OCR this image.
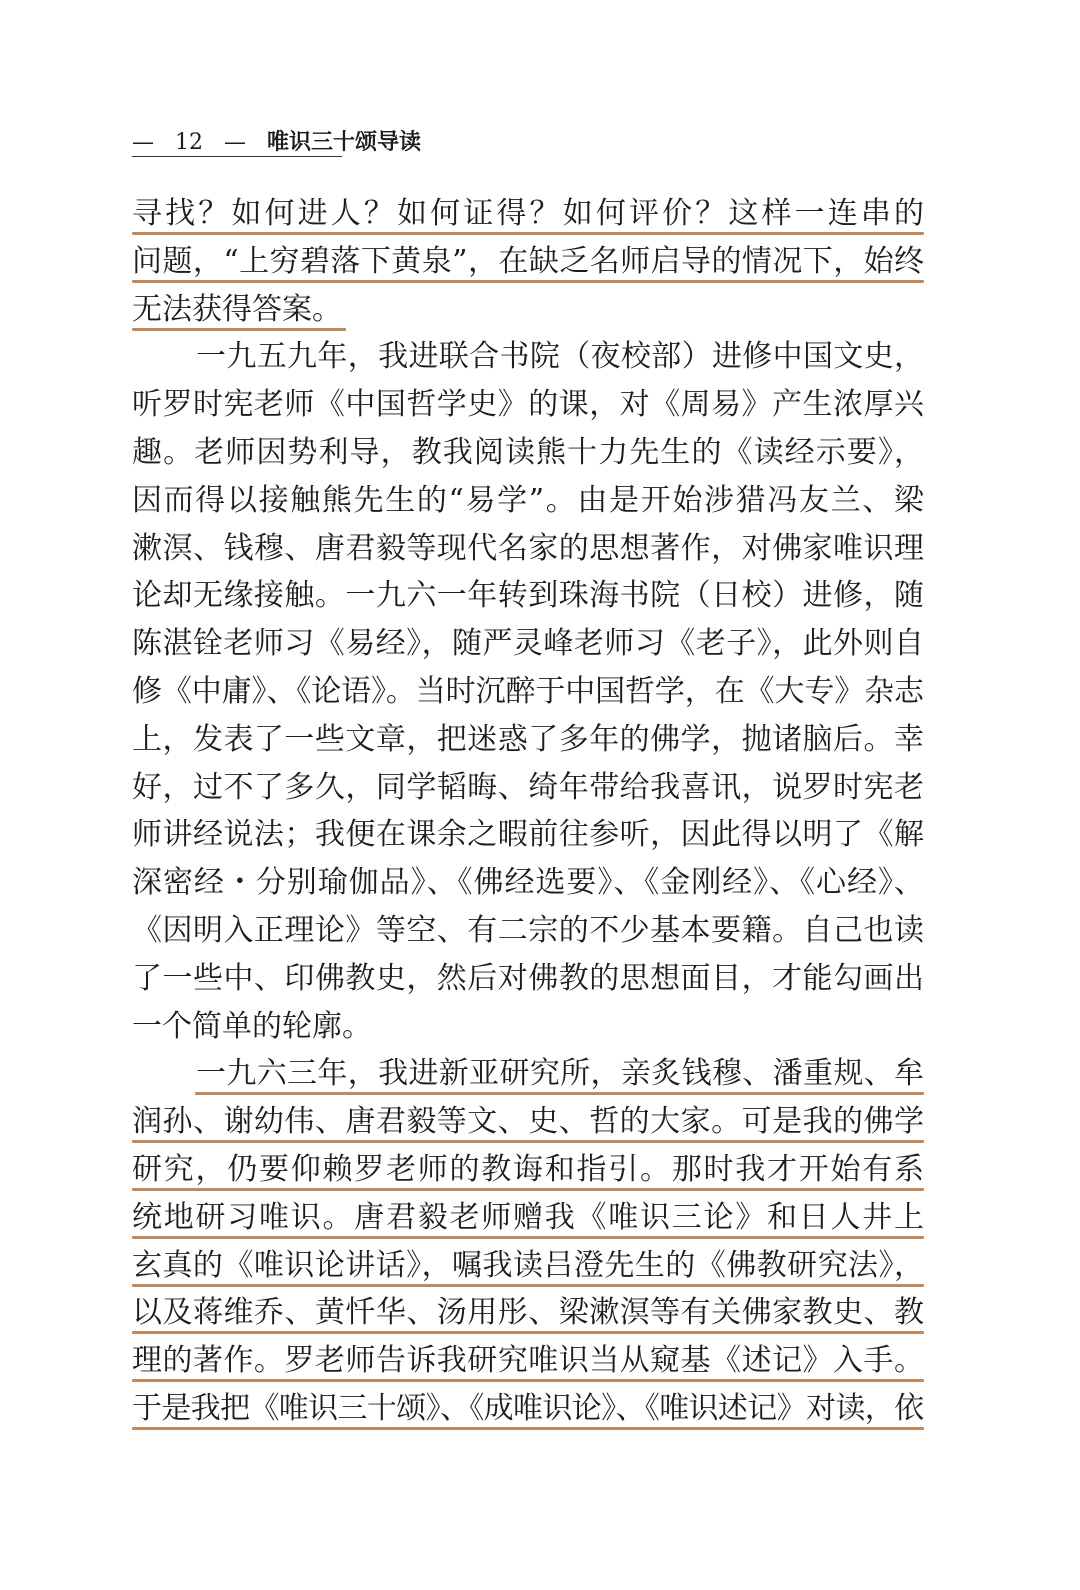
— 12 — 唯识三十颂导读
寻找？如何进人？如何证得？如何评价？这样一连串的
问题，“上穷碧落下黄泉”，在缺乏名师启导的情况下，始终
无法获得答案。
一九五九年，我进联合书院（夜校部）进修中国文史，
听罗时宪老师《中国哲学史》的课，对《周易》产生浓厚兴
趣。老师因势利导，教我阅读熊十力先生的《读经示要》，
因而得以接触熊先生的“易学”。由是开始涉猎冯友兰、梁
漱溟、钱穆、唐君毅等现代名家的思想著作，对佛家唯识理
论却无缘接触。一九六一年转到珠海书院（日校）进修，随
陈湛铨老师习《易经》，随严灵峰老师习《老子》，此外则自
修《中庸》、《论语》。当时沉醉于中国哲学，在《大专》杂志
上，发表了一些文章，把迷惑了多年的佛学，抛诸脑后。幸
好，过不了多久，同学韬晦、绮年带给我喜讯，说罗时宪老
师讲经说法；我便在课余之暇前往参听，因此得以明了《解
深密经・分别瑜伽品》、《佛经选要》、《金刚经》、《心经》、
《因明入正理论》等空、有二宗的不少基本要籍。自己也读
了一些中、印佛教史，然后对佛教的思想面目，才能勾画出
一个简单的轮廓。
一九六三年，我进新亚研究所，亲炙钱穆、潘重规、牟
润孙、谢幼伟、唐君毅等文、史、哲的大家。可是我的佛学
研究，仍要仰赖罗老师的教诲和指引。那时我才开始有系
统地研习唯识。唐君毅老师赠我《唯识三论》和日人井上
玄真的《唯识论讲话》，嘱我读吕澄先生的《佛教研究法》，
以及蒋维乔、黄忏华、汤用彤、梁漱溟等有关佛家教史、教
理的著作。罗老师告诉我研究唯识当从窥基《述记》入手。
于是我把《唯识三十颂》、《成唯识论》、《唯识述记》对读，依
